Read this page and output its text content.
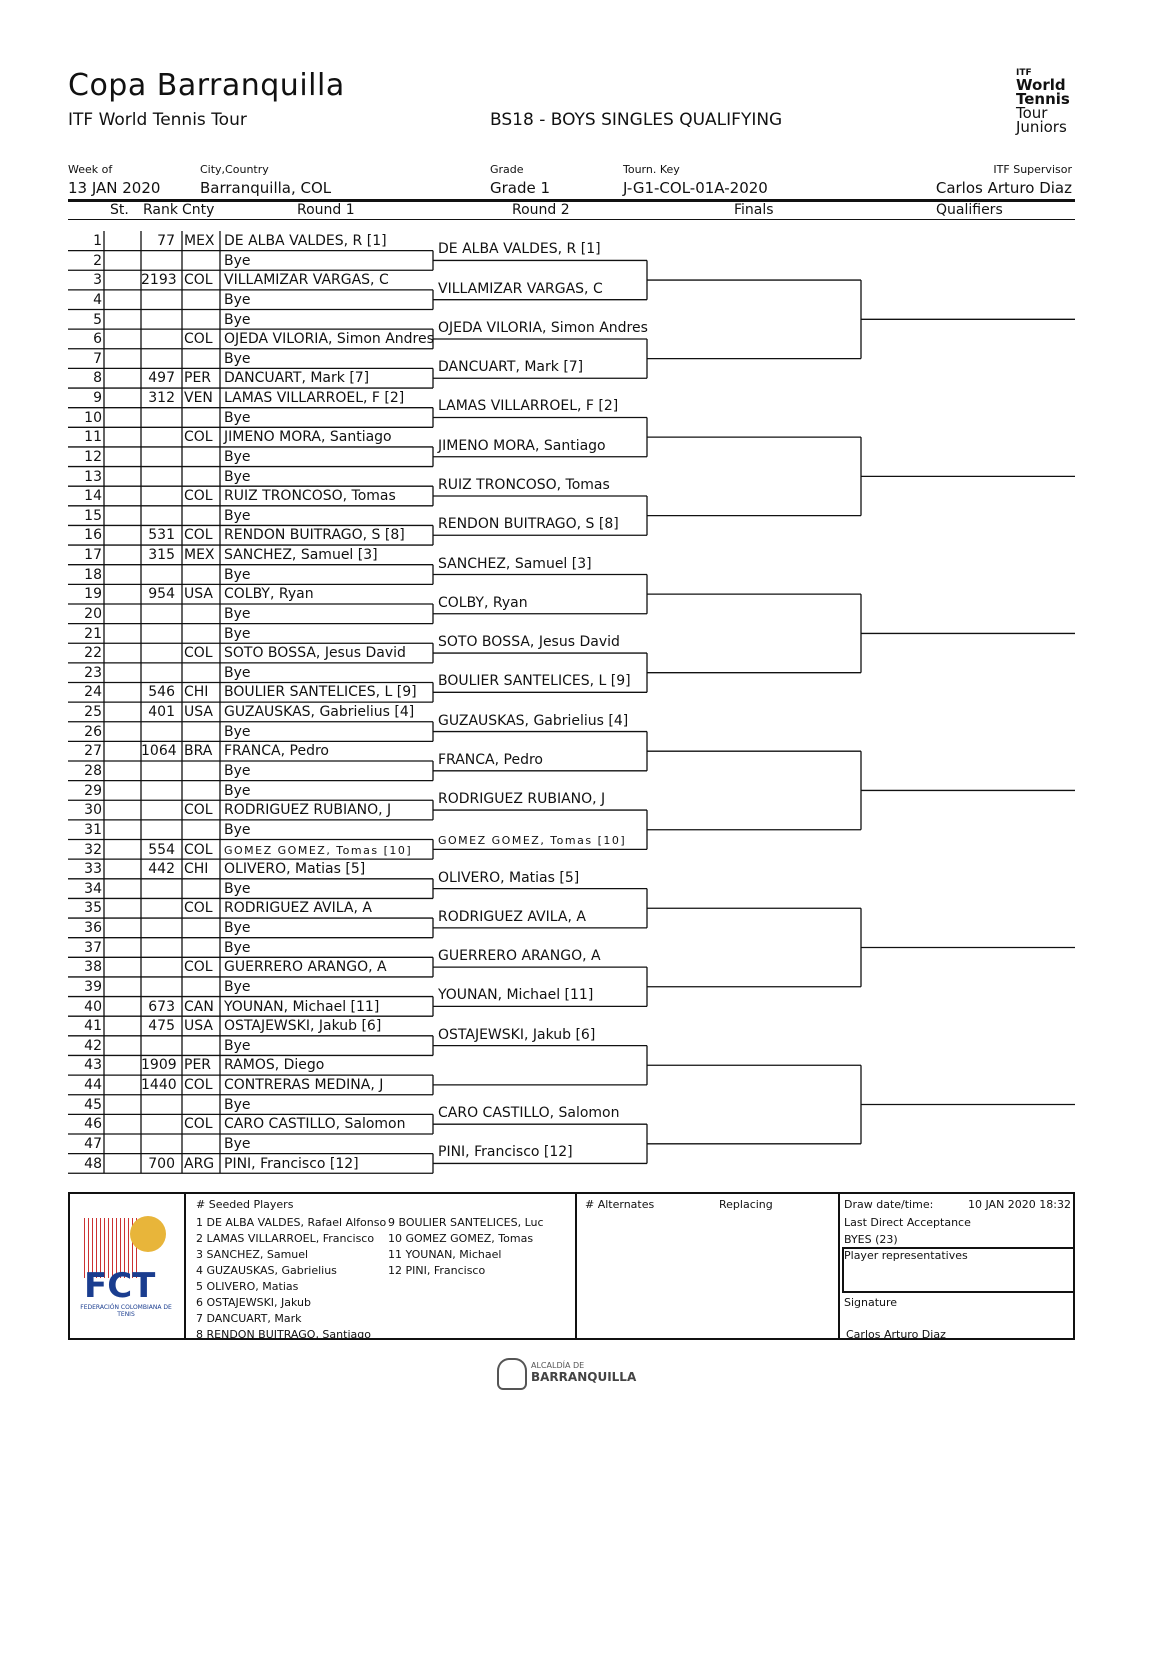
Copa Barranquilla
ITF World Tennis Tour	BS18 - BOYS SINGLES QUALIFYING
ITF
World
Tennis
Tour
Juniors
Week of
13 JAN 2020
City,Country
Barranquilla, COL
Grade
Grade 1
Tourn. Key
J-G1-COL-01A-2020
ITF Supervisor
Carlos Arturo Diaz
St. Rank Cnty	Round 1	Round 2	Finals	Qualifiers
1	77 MEX DE ALBA VALDES, R [1]
2	Bye
3	2193 COL VILLAMIZAR VARGAS, C
4	Bye
5	Bye
6	COL OJEDA VILORIA, Simon Andres
7	Bye
8	497 PER DANCUART, Mark [7]
9	312 VEN LAMAS VILLARROEL, F [2]
10	Bye
11	COL JIMENO MORA, Santiago
12	Bye
13	Bye
14	COL RUIZ TRONCOSO, Tomas
15	Bye
16	531 COL RENDON BUITRAGO, S [8]
17	315 MEX SANCHEZ, Samuel [3]
18	Bye
19	954 USA COLBY, Ryan
20	Bye
21	Bye
22	COL SOTO BOSSA, Jesus David
23	Bye
24	546 CHI	BOULIER SANTELICES, L [9]
25	401 USA GUZAUSKAS, Gabrielius [4]
26	Bye
27	1064 BRA FRANCA, Pedro
28	Bye
29	Bye
30	COL RODRIGUEZ RUBIANO, J
31	Bye
32	554 COL	GOMEZ GOMEZ, Tomas [10]
33	442 CHI	OLIVERO, Matias [5]
34	Bye
35	COL RODRIGUEZ AVILA, A
36	Bye
37	Bye
38	COL GUERRERO ARANGO, A
39	Bye
40	673 CAN YOUNAN, Michael [11]
41	475 USA OSTAJEWSKI, Jakub [6]
42	Bye
43	1909 PER RAMOS, Diego
44	1440 COL CONTRERAS MEDINA, J
45	Bye
46	COL CARO CASTILLO, Salomon
47	Bye
48	700 ARG PINI, Francisco [12]
DE ALBA VALDES, R [1]
VILLAMIZAR VARGAS, C
OJEDA VILORIA, Simon Andres
DANCUART, Mark [7]
LAMAS VILLARROEL, F [2]
JIMENO MORA, Santiago
RUIZ TRONCOSO, Tomas
RENDON BUITRAGO, S [8]
SANCHEZ, Samuel [3]
COLBY, Ryan
SOTO BOSSA, Jesus David
BOULIER SANTELICES, L [9]
GUZAUSKAS, Gabrielius [4]
FRANCA, Pedro
RODRIGUEZ RUBIANO, J
GOMEZ GOMEZ, Tomas [10]
OLIVERO, Matias [5]
RODRIGUEZ AVILA, A
GUERRERO ARANGO, A
YOUNAN, Michael [11]
OSTAJEWSKI, Jakub [6]
CARO CASTILLO, Salomon
PINI, Francisco [12]
FCT
FEDERACIÓN COLOMBIANA DE TENIS
# Seeded Players
1 DE ALBA VALDES, Rafael Alfonso
2 LAMAS VILLARROEL, Francisco
3 SANCHEZ, Samuel
4 GUZAUSKAS, Gabrielius
5 OLIVERO, Matias
6 OSTAJEWSKI, Jakub
7 DANCUART, Mark
8 RENDON BUITRAGO, Santiago
9 BOULIER SANTELICES, Luc
10 GOMEZ GOMEZ, Tomas
11 YOUNAN, Michael
12 PINI, Francisco
# Alternates	Replacing	Draw date/time:	10 JAN 2020 18:32
Last Direct Acceptance
BYES (23)
Player representatives
Signature
Carlos Arturo Diaz
ALCALDÍA DE
BARRANQUILLA
